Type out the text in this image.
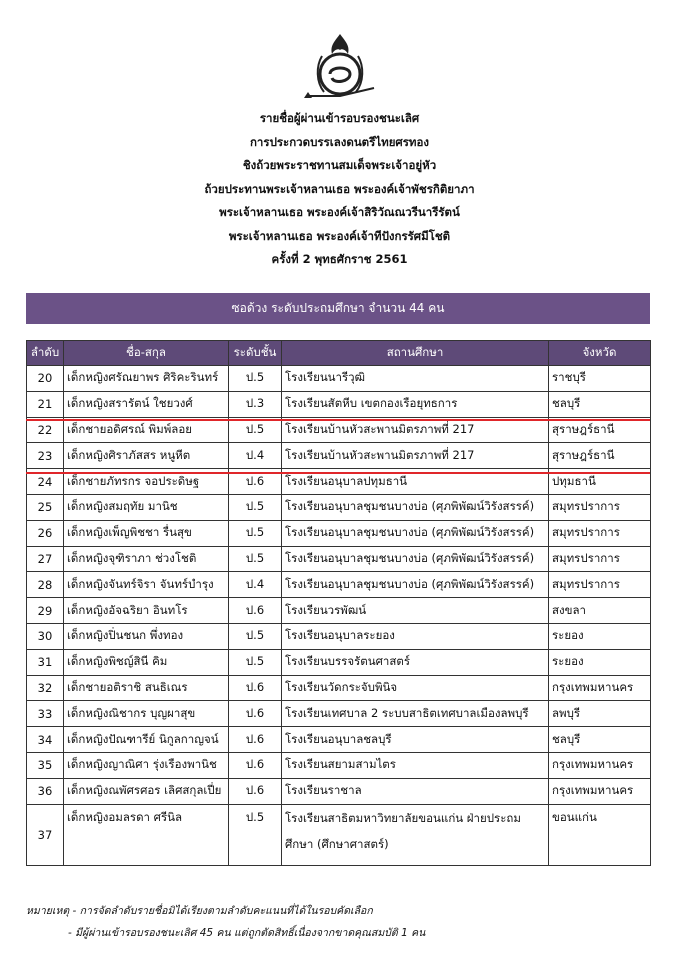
รายชื่อผู้ผ่านเข้ารอบรองชนะเลิศ
การประกวดบรรเลงดนตรีไทยศรทอง
ชิงถ้วยพระราชทานสมเด็จพระเจ้าอยู่หัว
ถ้วยประทานพระเจ้าหลานเธอ พระองค์เจ้าพัชรกิติยาภา
พระเจ้าหลานเธอ พระองค์เจ้าสิริวัณณวรีนารีรัตน์
พระเจ้าหลานเธอ พระองค์เจ้าทีปังกรรัศมีโชติ
ครั้งที่ 2 พุทธศักราช 2561
ซอด้วง ระดับประถมศึกษา จำนวน 44 คน
ลำดับ	ชื่อ-สกุล	ระดับชั้น	สถานศึกษา	จังหวัด
20	เด็กหญิงศรัณยาพร ศิริคะรินทร์	ป.5	โรงเรียนนารีวุฒิ	ราชบุรี
21	เด็กหญิงสรารัตน์ ใชยวงศ์	ป.3	โรงเรียนสัตหีบ เขตกองเรือยุทธการ	ชลบุรี
22	เด็กชายอดิศรณ์ พิมพ์ลอย	ป.5	โรงเรียนบ้านหัวสะพานมิตรภาพที่ 217	สุราษฎร์ธานี
23	เด็กหญิงศิราภัสสร หนูหีต	ป.4	โรงเรียนบ้านหัวสะพานมิตรภาพที่ 217	สุราษฎร์ธานี
24	เด็กชายภัทรกร จอประดิษฐ	ป.6	โรงเรียนอนุบาลปทุมธานี	ปทุมธานี
25	เด็กหญิงสมฤทัย มานิช	ป.5	โรงเรียนอนุบาลชุมชนบางบ่อ (ศุภพิพัฒน์วิรังสรรค์)	สมุทรปราการ
26	เด็กหญิงเพ็ญพิชชา รื่นสุข	ป.5	โรงเรียนอนุบาลชุมชนบางบ่อ (ศุภพิพัฒน์วิรังสรรค์)	สมุทรปราการ
27	เด็กหญิงจุฑิราภา ช่วงโชติ	ป.5	โรงเรียนอนุบาลชุมชนบางบ่อ (ศุภพิพัฒน์วิรังสรรค์)	สมุทรปราการ
28	เด็กหญิงจันทร์จิรา จันทร์บำรุง	ป.4	โรงเรียนอนุบาลชุมชนบางบ่อ (ศุภพิพัฒน์วิรังสรรค์)	สมุทรปราการ
29	เด็กหญิงอัจฉริยา อินทโร	ป.6	โรงเรียนวรพัฒน์	สงขลา
30	เด็กหญิงปิ่นชนก พึ่งทอง	ป.5	โรงเรียนอนุบาลระยอง	ระยอง
31	เด็กหญิงพิชญ์สินี คิม	ป.5	โรงเรียนบรรจรัตนศาสตร์	ระยอง
32	เด็กชายอติราชิ สนธิเณร	ป.6	โรงเรียนวัดกระจับพินิจ	กรุงเทพมหานคร
33	เด็กหญิงณิชากร บุญผาสุข	ป.6	โรงเรียนเทศบาล 2 ระบบสาธิตเทศบาลเมืองลพบุรี	ลพบุรี
34	เด็กหญิงปัณฑารีย์ นิกูลกาญจน์	ป.6	โรงเรียนอนุบาลชลบุรี	ชลบุรี
35	เด็กหญิงญาณิศา รุ่งเรืองพานิช	ป.6	โรงเรียนสยามสามไตร	กรุงเทพมหานคร
36	เด็กหญิงณพัศรศอร เลิศสกุลเปี่ย	ป.6	โรงเรียนราชาล	กรุงเทพมหานคร
37	เด็กหญิงอมลรดา ศรีนิล	ป.5	โรงเรียนสาธิตมหาวิทยาลัยขอนแก่น ฝ่ายประถมศึกษา (ศึกษาศาสตร์)	ขอนแก่น
หมายเหตุ - การจัดลำดับรายชื่อมิได้เรียงตามลำดับคะแนนที่ได้ในรอบคัดเลือก
- มีผู้ผ่านเข้ารอบรองชนะเลิศ 45 คน แต่ถูกตัดสิทธิ์เนื่องจากขาดคุณสมบัติ 1 คน
